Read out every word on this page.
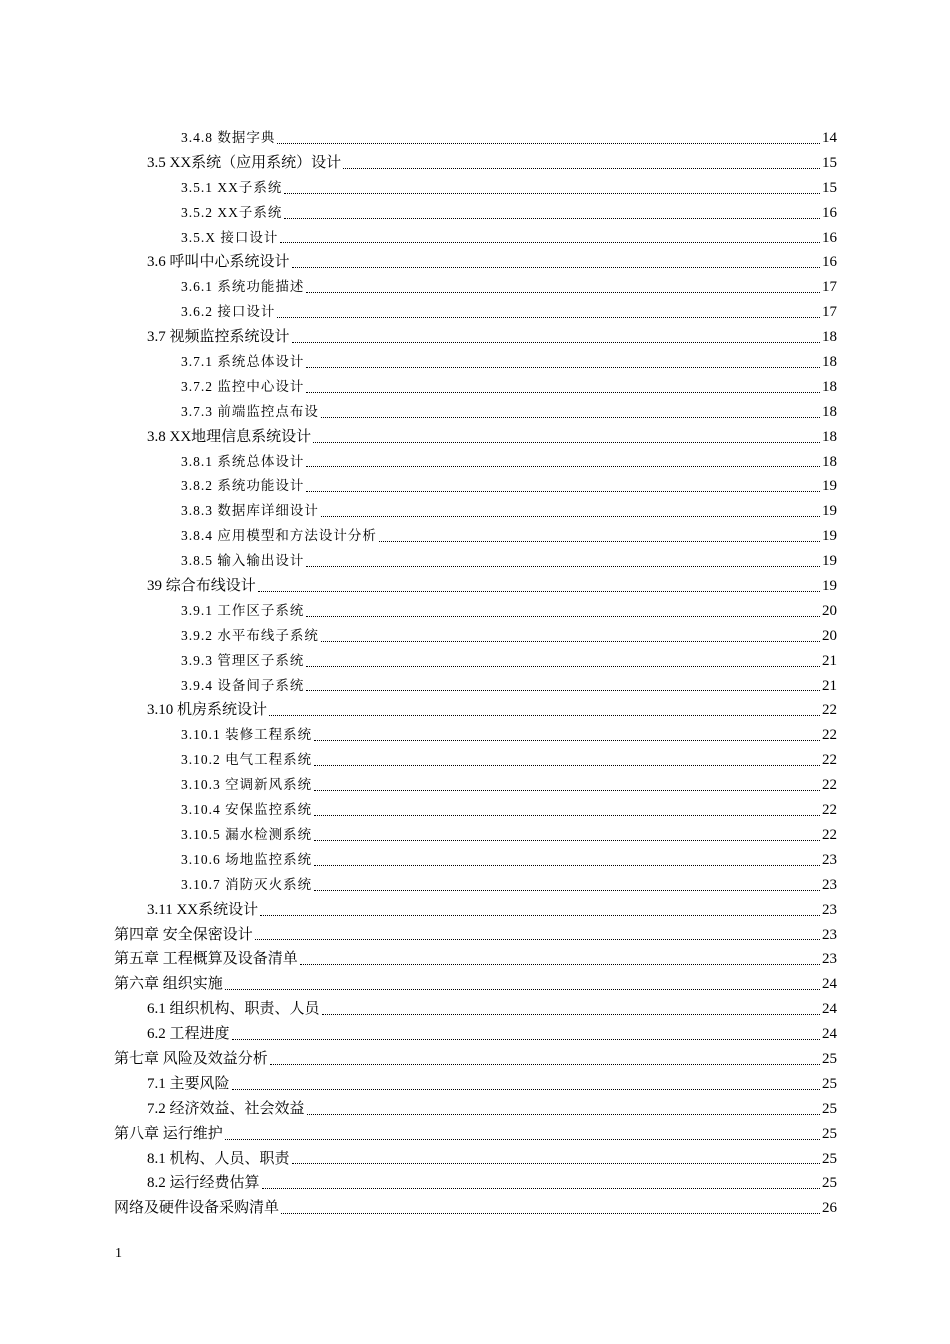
3.4.8 数据字典	14
3.5 XX系统（应用系统）设计	15
3.5.1 XX子系统	15
3.5.2 XX子系统	16
3.5.X 接口设计	16
3.6 呼叫中心系统设计	16
3.6.1 系统功能描述	17
3.6.2 接口设计	17
3.7 视频监控系统设计	18
3.7.1 系统总体设计	18
3.7.2 监控中心设计	18
3.7.3 前端监控点布设	18
3.8 XX地理信息系统设计	18
3.8.1 系统总体设计	18
3.8.2 系统功能设计	19
3.8.3 数据库详细设计	19
3.8.4 应用模型和方法设计分析	19
3.8.5 输入输出设计	19
39 综合布线设计	19
3.9.1 工作区子系统	20
3.9.2 水平布线子系统	20
3.9.3 管理区子系统	21
3.9.4 设备间子系统	21
3.10 机房系统设计	22
3.10.1 装修工程系统	22
3.10.2 电气工程系统	22
3.10.3 空调新风系统	22
3.10.4 安保监控系统	22
3.10.5 漏水检测系统	22
3.10.6 场地监控系统	23
3.10.7 消防灭火系统	23
3.11 XX系统设计	23
第四章 安全保密设计	23
第五章 工程概算及设备清单	23
第六章 组织实施	24
6.1 组织机构、职责、人员	24
6.2 工程进度	24
第七章 风险及效益分析	25
7.1 主要风险	25
7.2 经济效益、社会效益	25
第八章 运行维护	25
8.1 机构、人员、职责	25
8.2 运行经费估算	25
网络及硬件设备采购清单	26
1
